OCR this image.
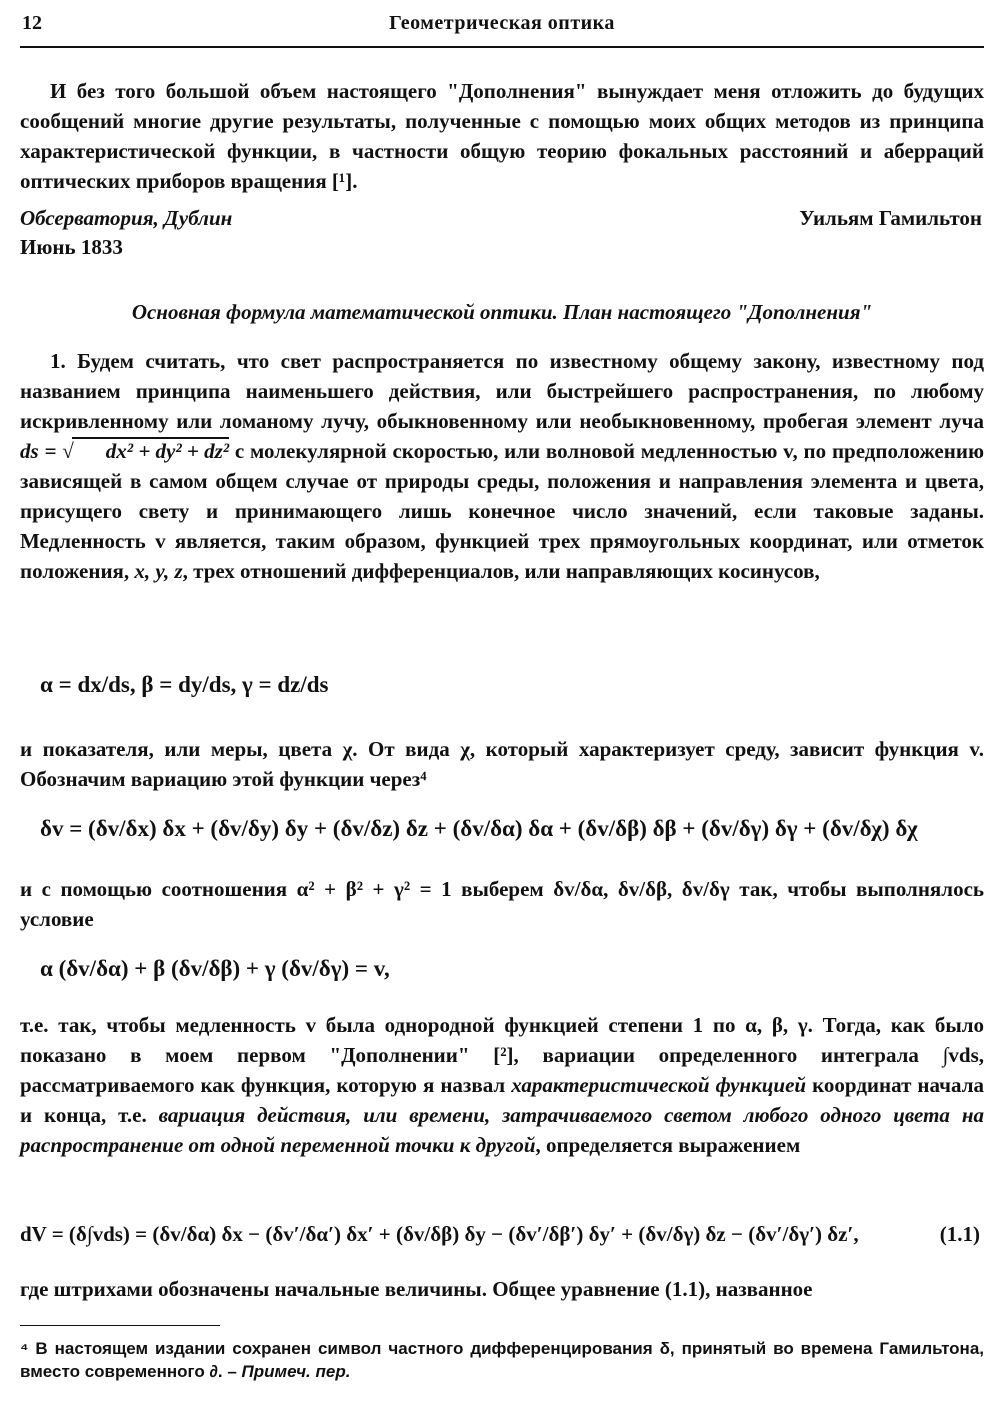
12	Геометрическая оптика
И без того большой объем настоящего "Дополнения" вынуждает меня отложить до будущих сообщений многие другие результаты, полученные с помощью моих общих методов из принципа характеристической функции, в частности общую теорию фокальных расстояний и аберраций оптических приборов вращения [¹].
Обсерватория, Дублин	Уильям Гамильтон
Июнь 1833
Основная формула математической оптики. План настоящего "Дополнения"
1. Будем считать, что свет распространяется по известному общему закону, известному под названием принципа наименьшего действия, или быстрейшего распространения, по любому искривленному или ломаному лучу, обыкновенному или необыкновенному, пробегая элемент луча ds = √ dx² + dy² + dz² с молекулярной скоростью, или волновой медленностью v, по предположению зависящей в самом общем случае от природы среды, положения и направления элемента и цвета, присущего свету и принимающего лишь конечное число значений, если таковые заданы. Медленность v является, таким образом, функцией трех прямоугольных координат, или отметок положения, x, y, z, трех отношений дифференциалов, или направляющих косинусов,
α = dx/ds, β = dy/ds, γ = dz/ds
и показателя, или меры, цвета χ. От вида χ, который характеризует среду, зависит функция v. Обозначим вариацию этой функции через⁴
δv = (δv/δx) δx + (δv/δy) δy + (δv/δz) δz + (δv/δα) δα + (δv/δβ) δβ + (δv/δγ) δγ + (δv/δχ) δχ
и с помощью соотношения α² + β² + γ² = 1 выберем δv/δα, δv/δβ, δv/δγ так, чтобы выполнялось условие
α (δv/δα) + β (δv/δβ) + γ (δv/δγ) = v,
т.е. так, чтобы медленность v была однородной функцией степени 1 по α, β, γ. Тогда, как было показано в моем первом "Дополнении" [²], вариации определенного интеграла ∫vds, рассматриваемого как функция, которую я назвал характеристической функцией координат начала и конца, т.е. вариация действия, или времени, затрачиваемого светом любого одного цвета на распространение от одной переменной точки к другой, определяется выражением
dV = (δ∫vds) = (δv/δα) δx − (δv′/δα′) δx′ + (δv/δβ) δy − (δv′/δβ′) δy′ + (δv/δγ) δz − (δv′/δγ′) δz′,	(1.1)
где штрихами обозначены начальные величины. Общее уравнение (1.1), названное
⁴ В настоящем издании сохранен символ частного дифференцирования δ, принятый во времена Гамильтона, вместо современного ∂. – Примеч. пер.
